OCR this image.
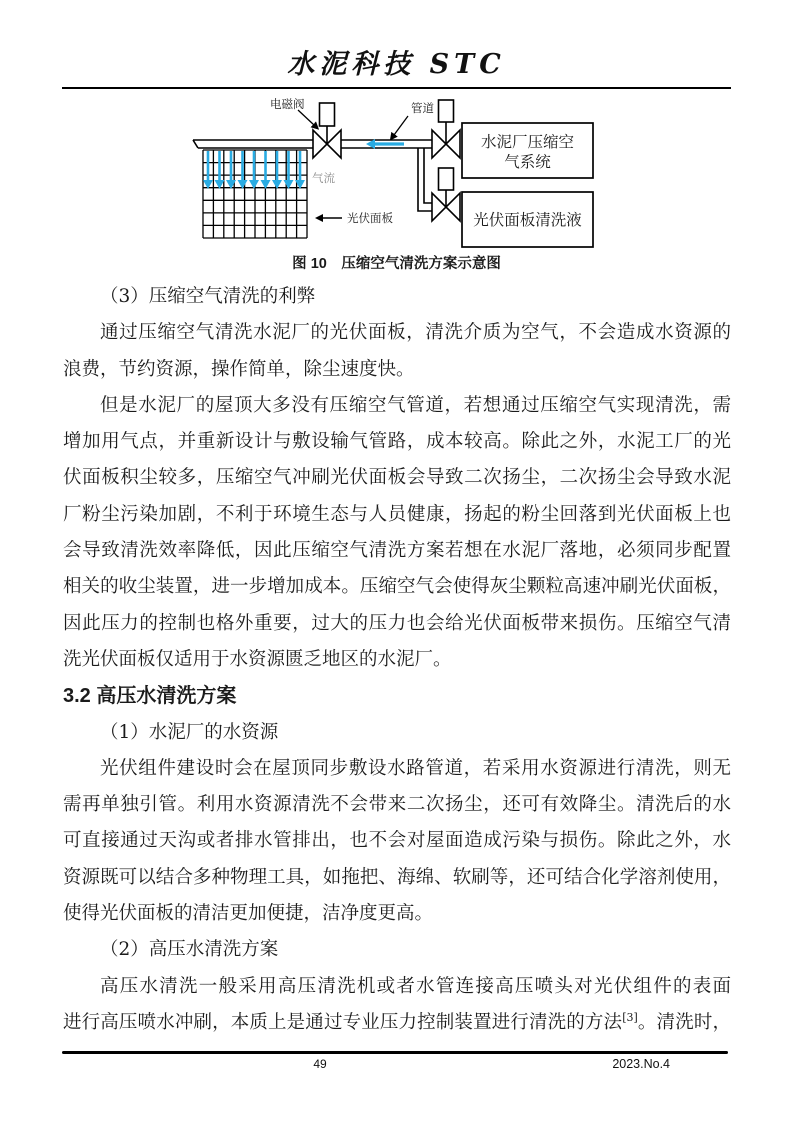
水泥科技 STC
气流
光伏面板
电磁阀	管道
水泥厂压缩空
气系统
光伏面板清洗液
图 10　压缩空气清洗方案示意图
（3）压缩空气清洗的利弊
通过压缩空气清洗水泥厂的光伏面板，清洗介质为空气，不会造成水资源的
浪费，节约资源，操作简单，除尘速度快。
但是水泥厂的屋顶大多没有压缩空气管道，若想通过压缩空气实现清洗，需
增加用气点，并重新设计与敷设输气管路，成本较高。除此之外，水泥工厂的光
伏面板积尘较多，压缩空气冲刷光伏面板会导致二次扬尘，二次扬尘会导致水泥
厂粉尘污染加剧，不利于环境生态与人员健康，扬起的粉尘回落到光伏面板上也
会导致清洗效率降低，因此压缩空气清洗方案若想在水泥厂落地，必须同步配置
相关的收尘装置，进一步增加成本。压缩空气会使得灰尘颗粒高速冲刷光伏面板，
因此压力的控制也格外重要，过大的压力也会给光伏面板带来损伤。压缩空气清
洗光伏面板仅适用于水资源匮乏地区的水泥厂。
3.2 高压水清洗方案
（1）水泥厂的水资源
光伏组件建设时会在屋顶同步敷设水路管道，若采用水资源进行清洗，则无
需再单独引管。利用水资源清洗不会带来二次扬尘，还可有效降尘。清洗后的水
可直接通过天沟或者排水管排出，也不会对屋面造成污染与损伤。除此之外，水
资源既可以结合多种物理工具，如拖把、海绵、软刷等，还可结合化学溶剂使用，
使得光伏面板的清洁更加便捷，洁净度更高。
（2）高压水清洗方案
高压水清洗一般采用高压清洗机或者水管连接高压喷头对光伏组件的表面
进行高压喷水冲刷，本质上是通过专业压力控制装置进行清洗的方法[3]。清洗时，
49	2023.No.4
